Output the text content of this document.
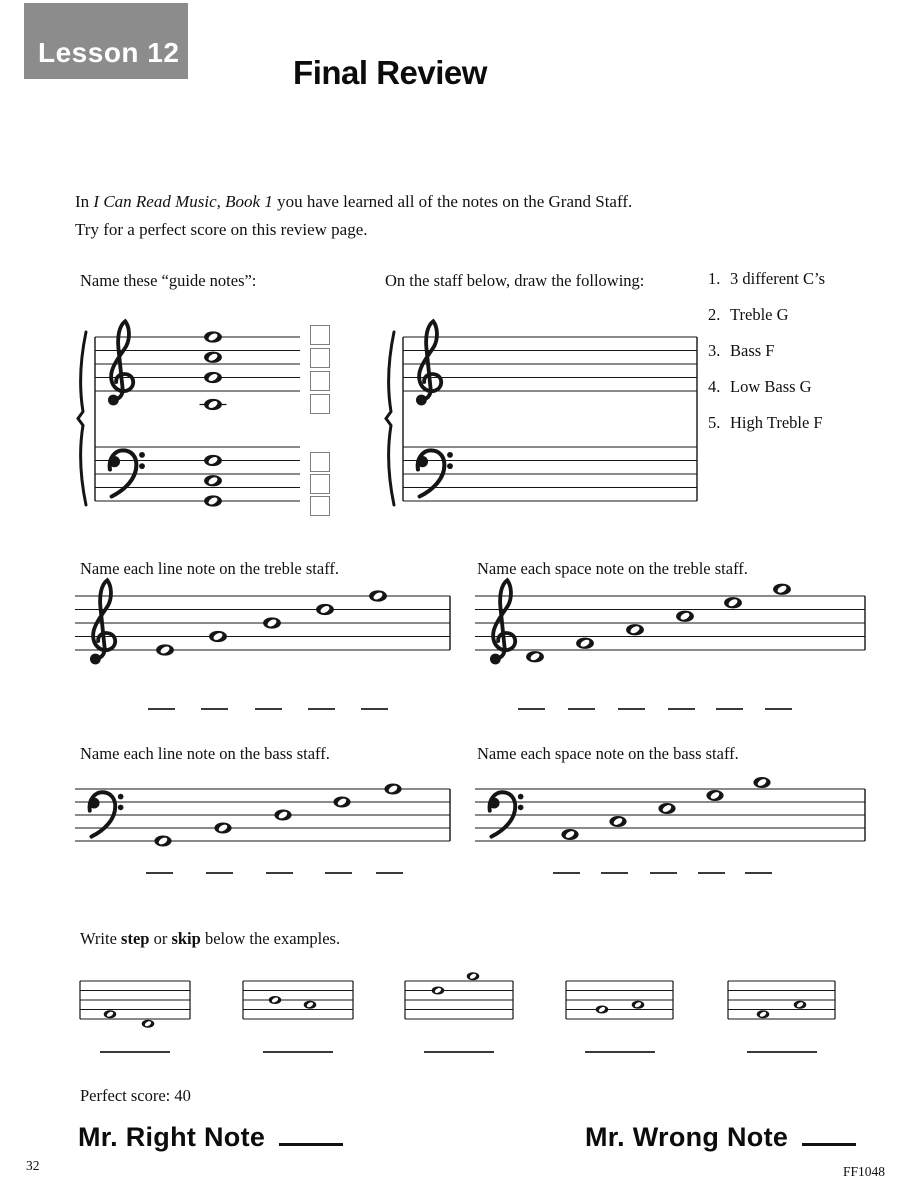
Lesson 12
Final Review

In I Can Read Music, Book 1 you have learned all of the notes on the Grand Staff.
Try for a perfect score on this review page.

Name these “guide notes”:	On the staff below, draw the following:	1. 3 different C’s
2. Treble G
3. Bass F
4. Low Bass G
5. High Treble F
Name each line note on the treble staff.	Name each space note on the treble staff.
Name each line note on the bass staff.	Name each space note on the bass staff.
Write step or skip below the examples.
Perfect score: 40
Mr. Right Note	Mr. Wrong Note
32	FF1048
